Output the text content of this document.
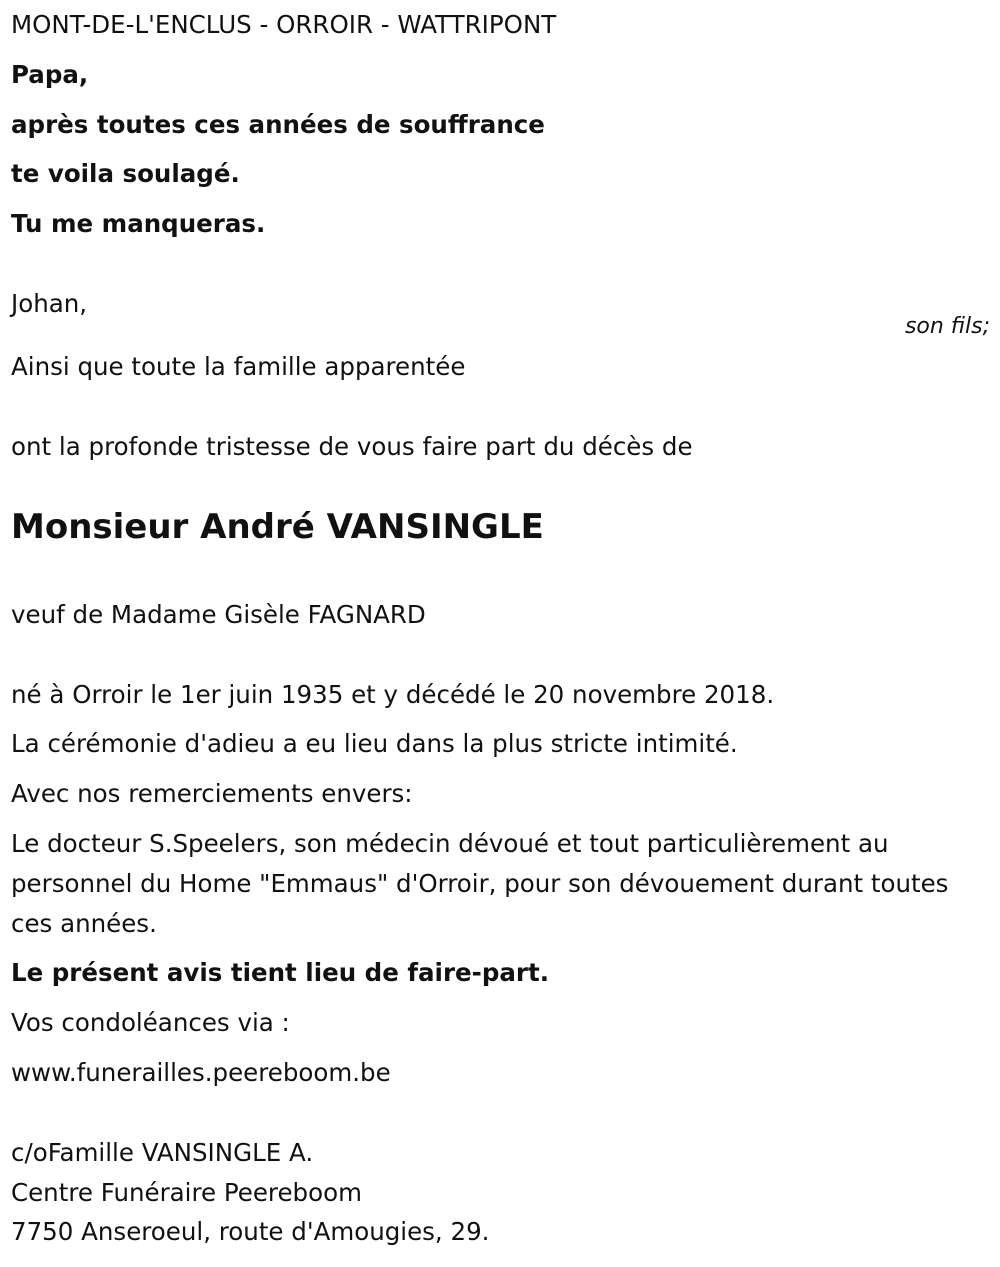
MONT-DE-L'ENCLUS - ORROIR - WATTRIPONT

Papa,

après toutes ces années de souffrance

te voila soulagé.

Tu me manqueras.

Johan,

son fils;

Ainsi que toute la famille apparentée

ont la profonde tristesse de vous faire part du décès de

Monsieur André VANSINGLE

veuf de Madame Gisèle FAGNARD

né à Orroir le 1er juin 1935 et y décédé le 20 novembre 2018.

La cérémonie d'adieu a eu lieu dans la plus stricte intimité.

Avec nos remerciements envers:

Le docteur S.Speelers, son médecin dévoué et tout particulièrement au personnel du Home "Emmaus" d'Orroir, pour son dévouement durant toutes ces années.

Le présent avis tient lieu de faire-part.

Vos condoléances via :

www.funerailles.peereboom.be

c/oFamille VANSINGLE A.

Centre Funéraire Peereboom

7750 Anseroeul, route d'Amougies, 29.
